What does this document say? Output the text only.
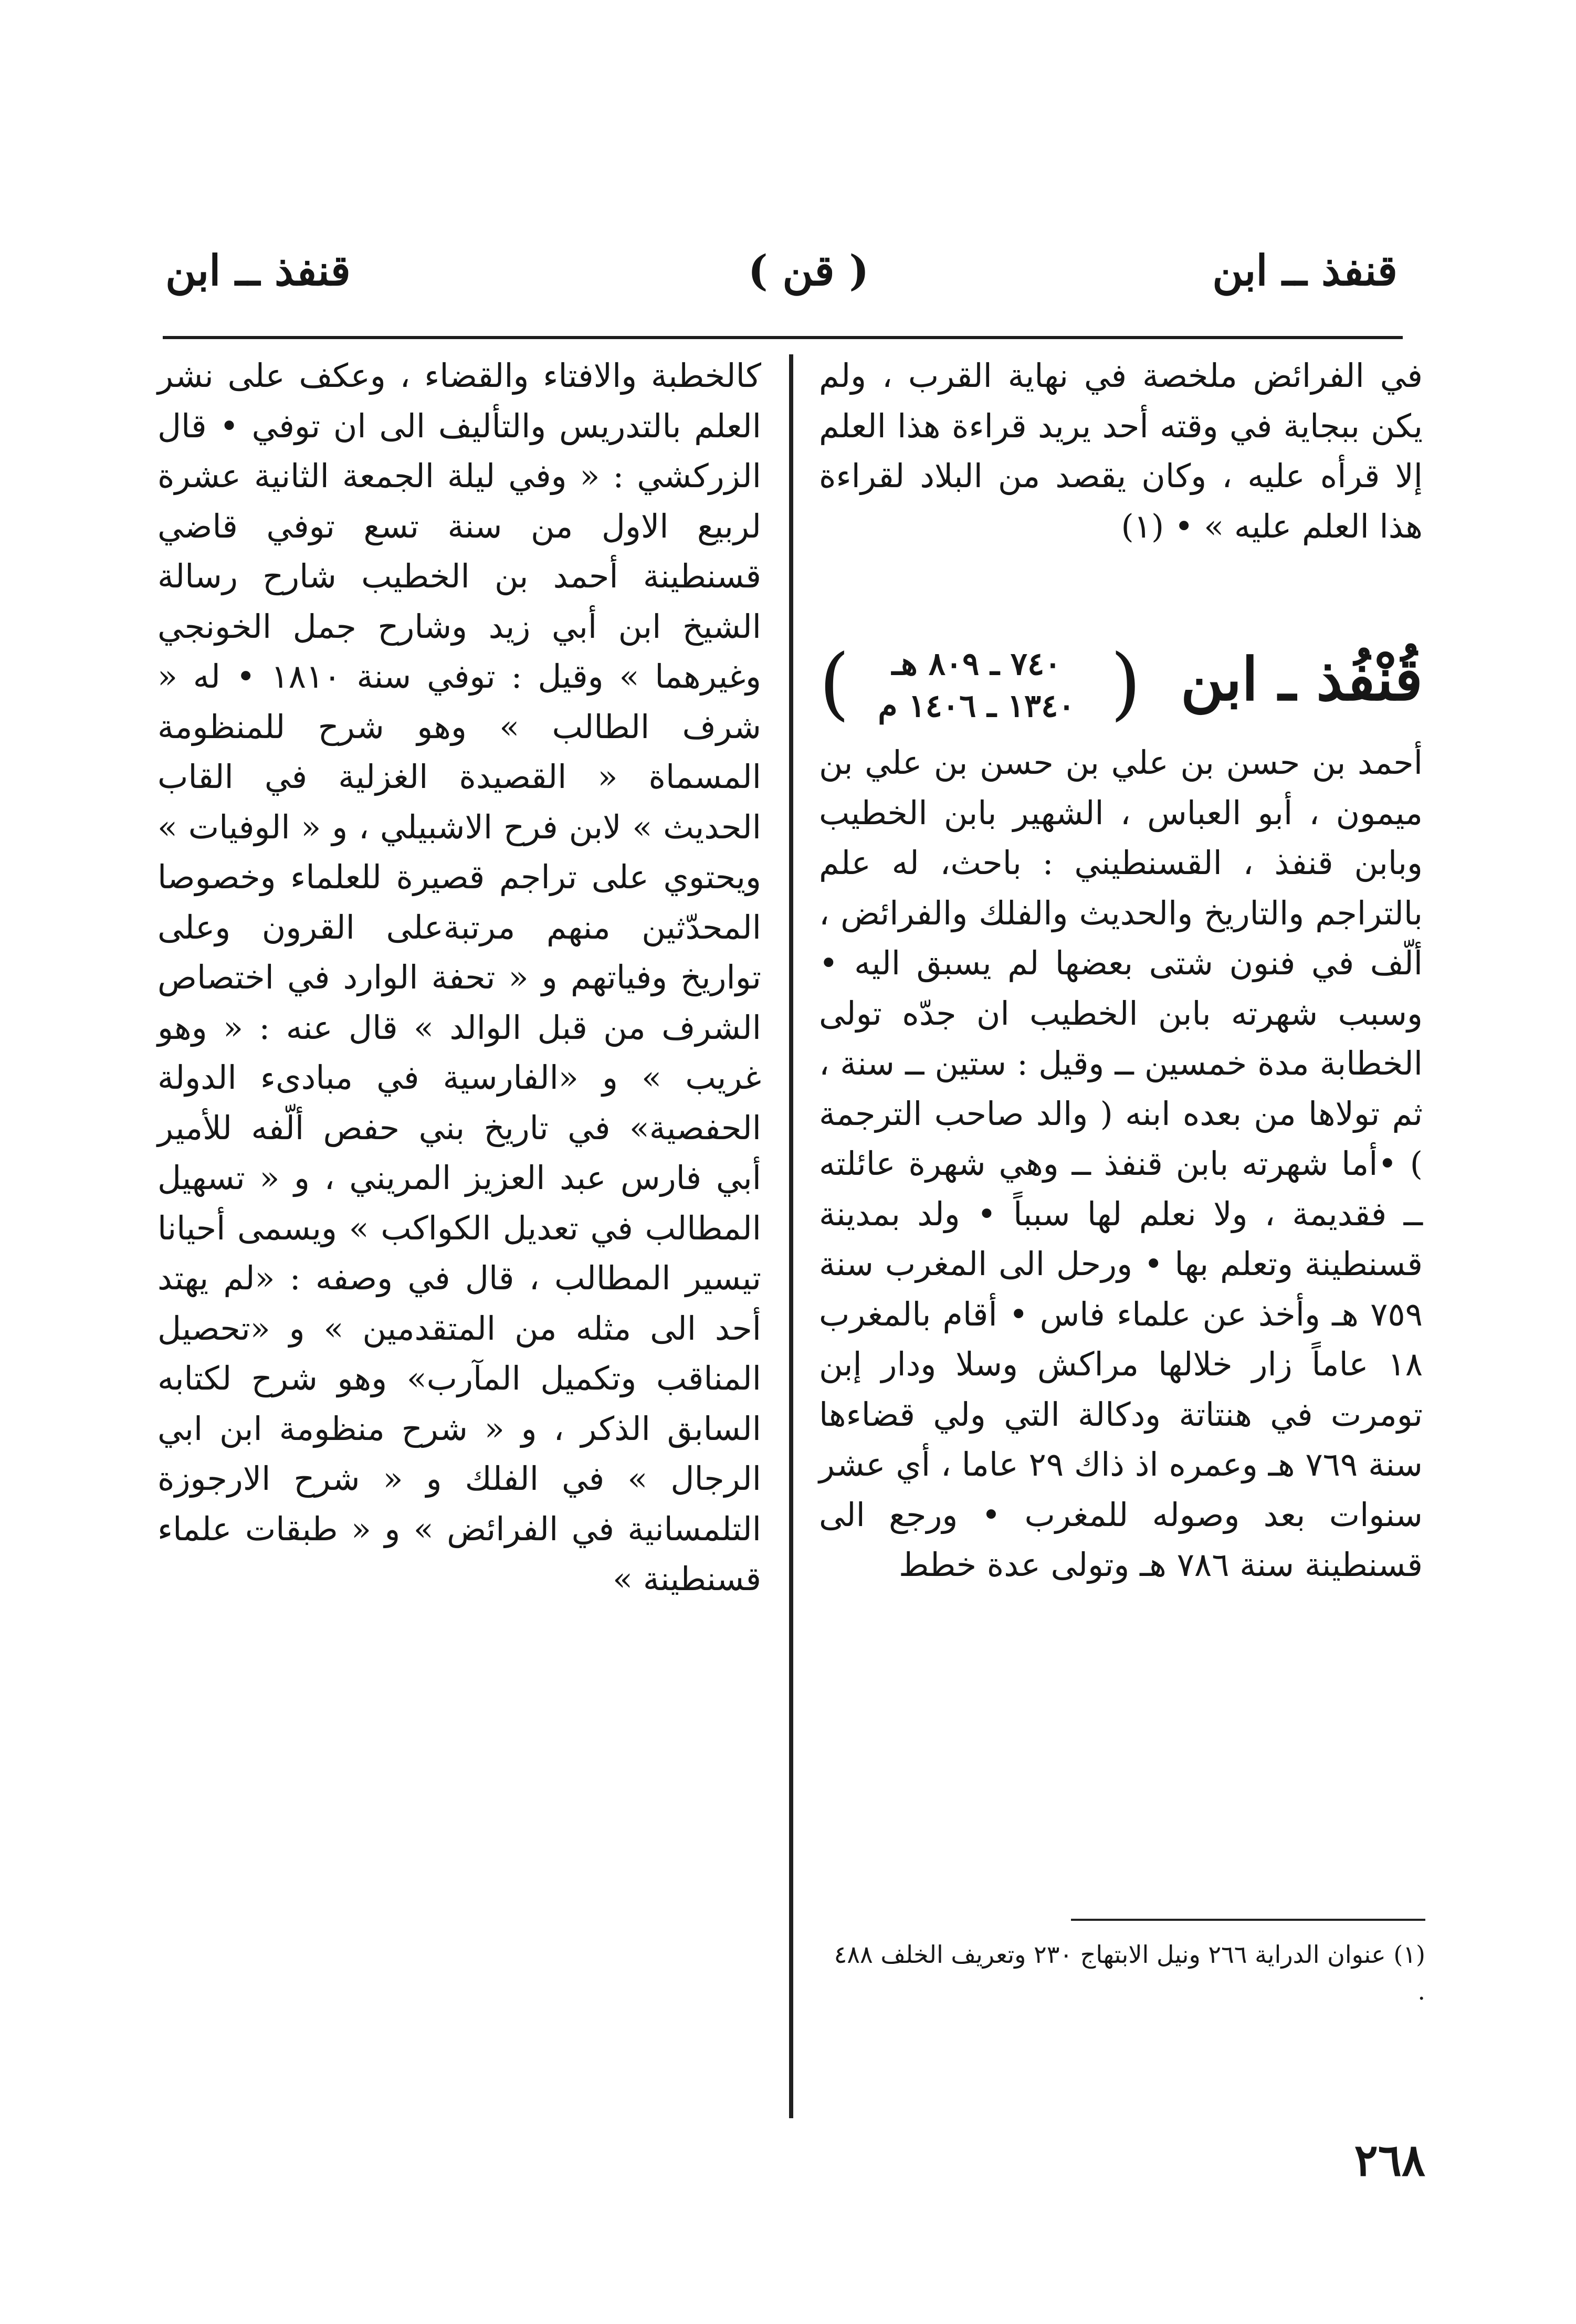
قنفذ ــ ابن	( قن )	قنفذ ــ ابن

في الفرائض ملخصة في نهاية القرب ، ولم يكن ببجاية في وقته أحد يريد قراءة هذا العلم إلا قرأه عليه ، وكان يقصد من البلاد لقراءة هذا العلم عليه » • (١)

قُنْفُذ ـ ابن
(
٧٤٠ ـ ٨٠٩ هـ
١٣٤٠ ـ ١٤٠٦ م
)

أحمد بن حسن بن علي بن حسن بن علي بن ميمون ، أبو العباس ، الشهير بابن الخطيب وبابن قنفذ ، القسنطيني : باحث، له علم بالتراجم والتاريخ والحديث والفلك والفرائض ، ألّف في فنون شتى بعضها لم يسبق اليه • وسبب شهرته بابن الخطيب ان جدّه تولى الخطابة مدة خمسين ــ وقيل : ستين ــ سنة ، ثم تولاها من بعده ابنه ( والد صاحب الترجمة ) •أما شهرته بابن قنفذ ــ وهي شهرة عائلته ــ فقديمة ، ولا نعلم لها سبباً • ولد بمدينة قسنطينة وتعلم بها • ورحل الى المغرب سنة ٧٥٩ هـ وأخذ عن علماء فاس • أقام بالمغرب ١٨ عاماً زار خلالها مراكش وسلا ودار إبن تومرت في هنتاتة ودكالة التي ولي قضاءها سنة ٧٦٩ هـ وعمره اذ ذاك ٢٩ عاما ، أي عشر سنوات بعد وصوله للمغرب • ورجع الى قسنطينة سنة ٧٨٦ هـ وتولى عدة خطط

كالخطبة والافتاء والقضاء ، وعكف على نشر العلم بالتدريس والتأليف الى ان توفي • قال الزركشي : « وفي ليلة الجمعة الثانية عشرة لربيع الاول من سنة تسع توفي قاضي قسنطينة أحمد بن الخطيب شارح رسالة الشيخ ابن أبي زيد وشارح جمل الخونجي وغيرهما » وقيل : توفي سنة ١٨١٠ • له « شرف الطالب » وهو شرح للمنظومة المسماة « القصيدة الغزلية في القاب الحديث » لابن فرح الاشبيلي ، و « الوفيات » ويحتوي على تراجم قصيرة للعلماء وخصوصا المحدّثين منهم مرتبةعلى القرون وعلى تواريخ وفياتهم و « تحفة الوارد في اختصاص الشرف من قبل الوالد » قال عنه : « وهو غريب » و «الفارسية في مبادىء الدولة الحفصية» في تاريخ بني حفص ألّفه للأمير أبي فارس عبد العزيز المريني ، و « تسهيل المطالب في تعديل الكواكب » ويسمى أحيانا تيسير المطالب ، قال في وصفه : «لم يهتد أحد الى مثله من المتقدمين » و «تحصيل المناقب وتكميل المآرب» وهو شرح لكتابه السابق الذكر ، و « شرح منظومة ابن ابي الرجال » في الفلك و « شرح الارجوزة التلمسانية في الفرائض » و « طبقات علماء قسنطينة »

(١) عنوان الدراية ٢٦٦ ونيل الابتهاج ٢٣٠ وتعريف الخلف ٤٨٨ .
٢٦٨
